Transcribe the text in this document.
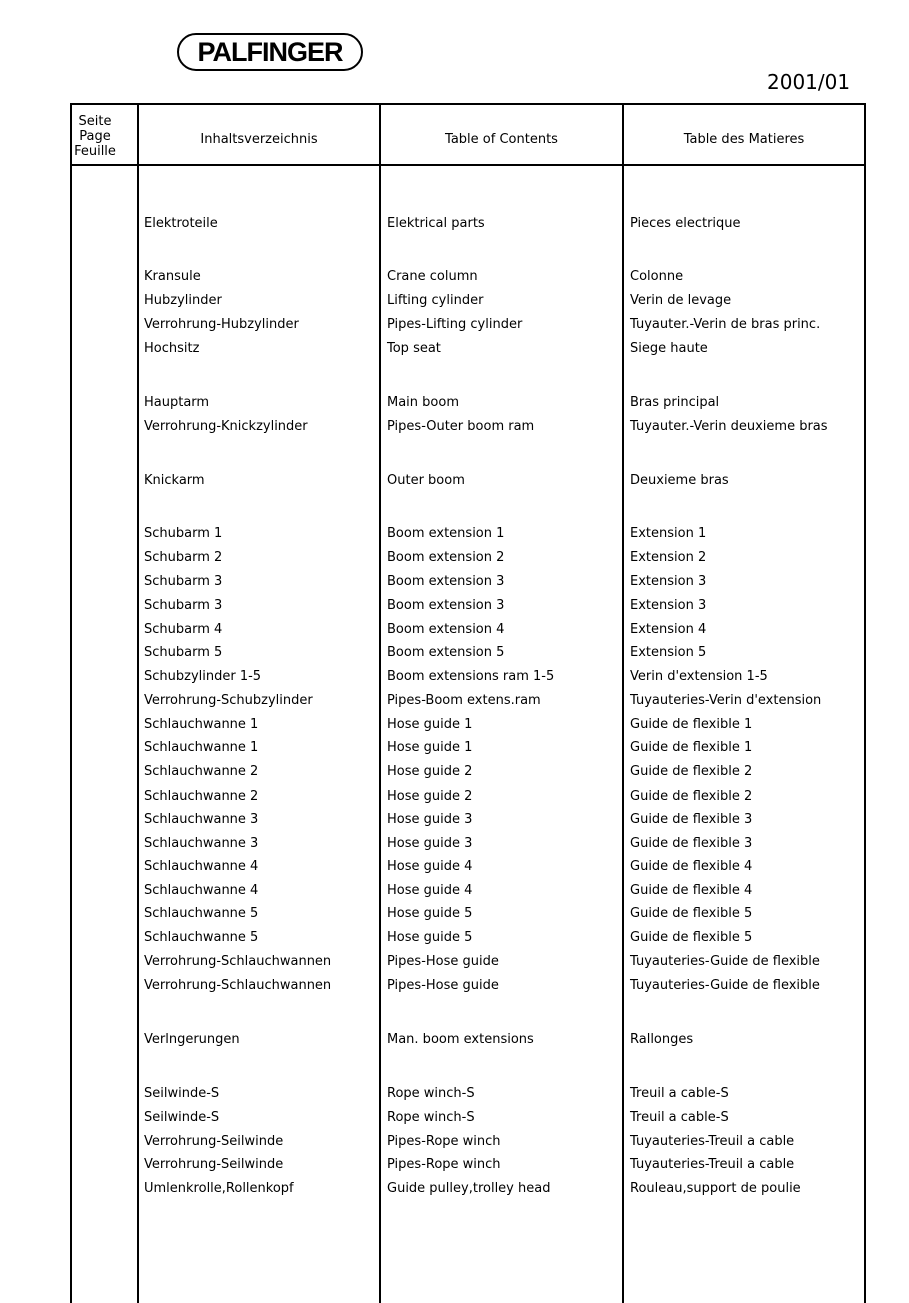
PALFINGER
2001/01
Seite
Page
Feuille
Inhaltsverzeichnis	Table of Contents	Table des Matieres
Elektroteile	Elektrical parts	Pieces electrique
Kransule	Crane column	Colonne
Hubzylinder	Lifting cylinder	Verin de levage
Verrohrung-Hubzylinder	Pipes-Lifting cylinder	Tuyauter.-Verin de bras princ.
Hochsitz	Top seat	Siege haute
Hauptarm	Main boom	Bras principal
Verrohrung-Knickzylinder	Pipes-Outer boom ram	Tuyauter.-Verin deuxieme bras
Knickarm	Outer boom	Deuxieme bras
Schubarm 1	Boom extension 1	Extension 1
Schubarm 2	Boom extension 2	Extension 2
Schubarm 3	Boom extension 3	Extension 3
Schubarm 3	Boom extension 3	Extension 3
Schubarm 4	Boom extension 4	Extension 4
Schubarm 5	Boom extension 5	Extension 5
Schubzylinder 1-5	Boom extensions ram 1-5	Verin d'extension 1-5
Verrohrung-Schubzylinder	Pipes-Boom extens.ram	Tuyauteries-Verin d'extension
Schlauchwanne 1	Hose guide 1	Guide de flexible 1
Schlauchwanne 1	Hose guide 1	Guide de flexible 1
Schlauchwanne 2	Hose guide 2	Guide de flexible 2
Schlauchwanne 2	Hose guide 2	Guide de flexible 2
Schlauchwanne 3	Hose guide 3	Guide de flexible 3
Schlauchwanne 3	Hose guide 3	Guide de flexible 3
Schlauchwanne 4	Hose guide 4	Guide de flexible 4
Schlauchwanne 4	Hose guide 4	Guide de flexible 4
Schlauchwanne 5	Hose guide 5	Guide de flexible 5
Schlauchwanne 5	Hose guide 5	Guide de flexible 5
Verrohrung-Schlauchwannen	Pipes-Hose guide	Tuyauteries-Guide de flexible
Verrohrung-Schlauchwannen	Pipes-Hose guide	Tuyauteries-Guide de flexible
Verlngerungen	Man. boom extensions	Rallonges
Seilwinde-S	Rope winch-S	Treuil a cable-S
Seilwinde-S	Rope winch-S	Treuil a cable-S
Verrohrung-Seilwinde	Pipes-Rope winch	Tuyauteries-Treuil a cable
Verrohrung-Seilwinde	Pipes-Rope winch	Tuyauteries-Treuil a cable
Umlenkrolle,Rollenkopf	Guide pulley,trolley head	Rouleau,support de poulie
